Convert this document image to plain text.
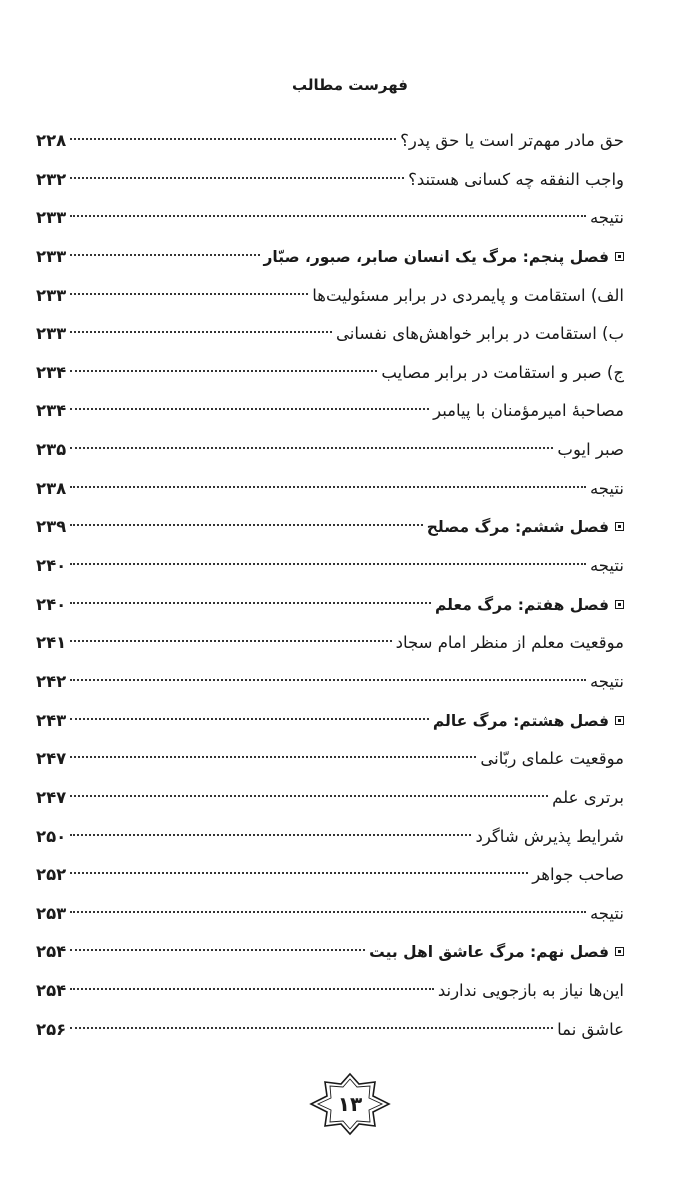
فهرست مطالب
حق مادر مهم‌تر است یا حق پدر؟
۲۲۸
واجب النفقه چه کسانی هستند؟
۲۳۲
نتیجه
۲۳۳
فصل پنجم: مرگ یک انسان صابر، صبور، صبّار
۲۳۳
الف) استقامت و پایمردی در برابر مسئولیت‌ها
۲۳۳
ب) استقامت در برابر خواهش‌های نفسانی
۲۳۳
ج) صبر و استقامت در برابر مصایب
۲۳۴
مصاحبهٔ امیرمؤمنان با پیامبر
۲۳۴
صبر ایوب
۲۳۵
نتیجه
۲۳۸
فصل ششم: مرگ مصلح
۲۳۹
نتیجه
۲۴۰
فصل هفتم: مرگ معلم
۲۴۰
موقعیت معلم از منظر امام سجاد
۲۴۱
نتیجه
۲۴۲
فصل هشتم: مرگ عالم
۲۴۳
موقعیت علمای ربّانی
۲۴۷
برتری علم
۲۴۷
شرایط پذیرش شاگرد
۲۵۰
صاحب جواهر
۲۵۲
نتیجه
۲۵۳
فصل نهم: مرگ عاشق اهل بیت
۲۵۴
این‌ها نیاز به بازجویی ندارند
۲۵۴
عاشق نما
۲۵۶
۱۳
